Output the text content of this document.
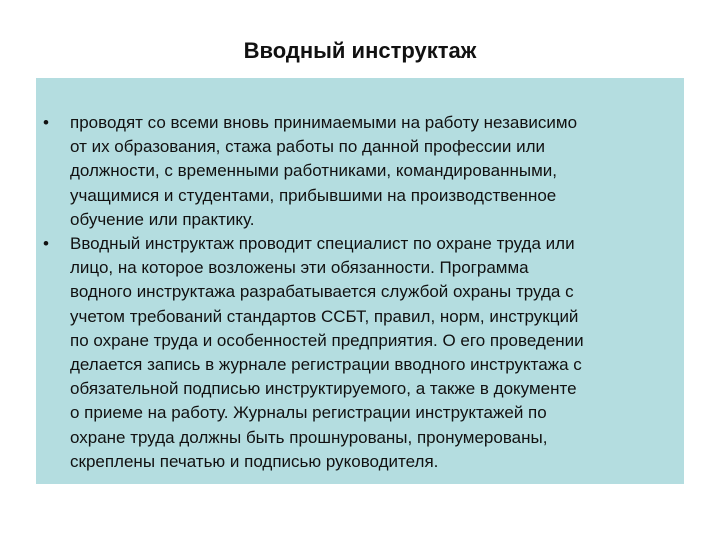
Вводный инструктаж
• проводят со всеми вновь принимаемыми на работу независимо
от их образования, стажа работы по данной профессии или
должности, с временными работниками, командированными,
учащимися и студентами, прибывшими на производственное
обучение или практику.
• Вводный инструктаж проводит специалист по охране труда или
лицо, на которое возложены эти обязанности. Программа
водного инструктажа разрабатывается службой охраны труда с
учетом требований стандартов ССБТ, правил, норм, инструкций
по охране труда и особенностей предприятия. О его проведении
делается запись в журнале регистрации вводного инструктажа с
обязательной подписью инструктируемого, а также в документе
о приеме на работу. Журналы регистрации инструктажей по
охране труда должны быть прошнурованы, пронумерованы,
скреплены печатью и подписью руководителя.
